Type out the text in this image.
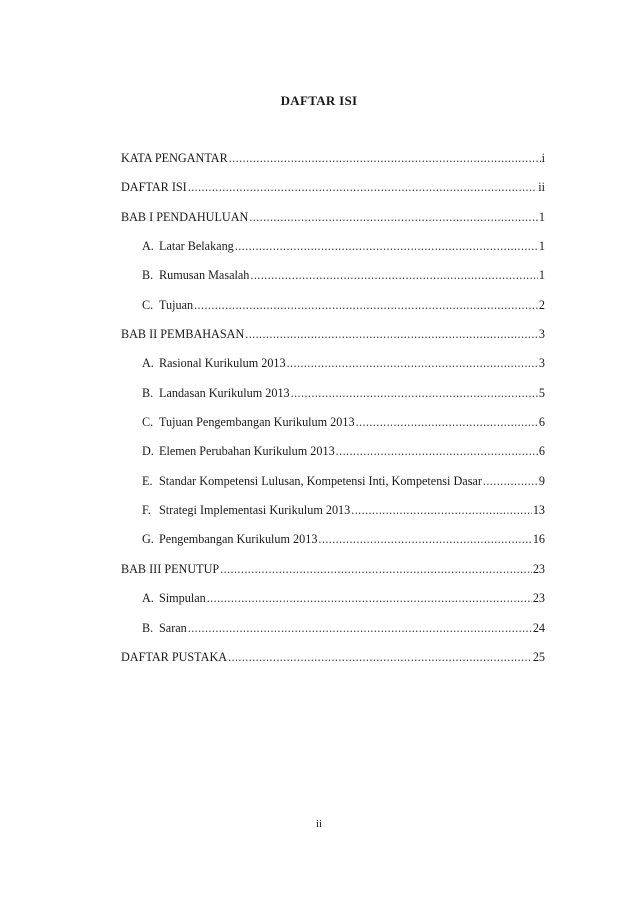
DAFTAR ISI
KATA PENGANTAR .....	i
DAFTAR ISI .....	ii
BAB I PENDAHULUAN .....	1
A. Latar Belakang .....	1
B. Rumusan Masalah .....	1
C. Tujuan .....	2
BAB II PEMBAHASAN .....	3
A. Rasional Kurikulum 2013 .....	3
B. Landasan Kurikulum 2013 .....	5
C. Tujuan Pengembangan Kurikulum 2013 .....	6
D. Elemen Perubahan Kurikulum 2013 .....	6
E. Standar Kompetensi Lulusan, Kompetensi Inti, Kompetensi Dasar .....	9
F. Strategi Implementasi Kurikulum 2013 .....	13
G. Pengembangan Kurikulum 2013 .....	16
BAB III PENUTUP .....	23
A. Simpulan .....	23
B. Saran .....	24
DAFTAR PUSTAKA .....	25
ii
